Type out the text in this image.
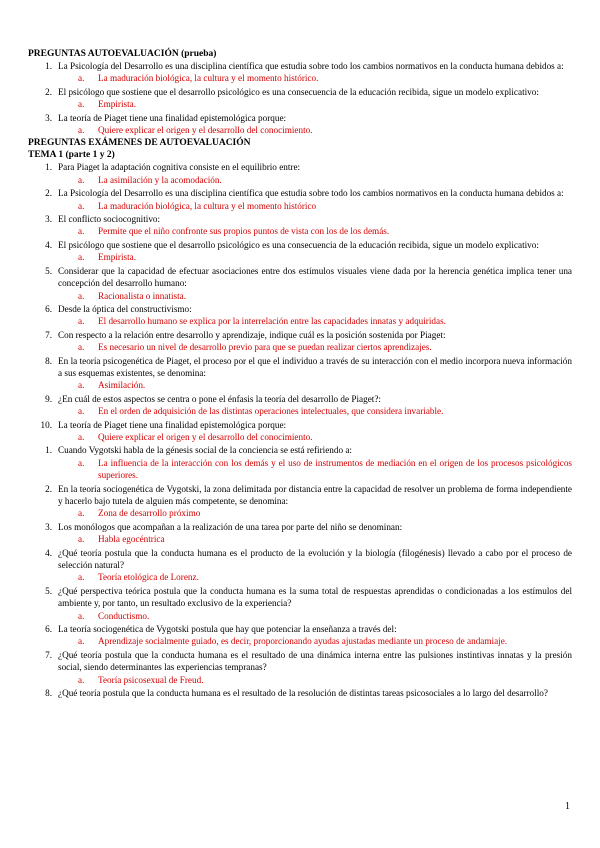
PREGUNTAS AUTOEVALUACIÓN (prueba)

1. La Psicología del Desarrollo es una disciplina científica que estudia sobre todo los cambios normativos en la conducta humana debidos a:
a. La maduración biológica, la cultura y el momento histórico.
2. El psicólogo que sostiene que el desarrollo psicológico es una consecuencia de la educación recibida, sigue un modelo explicativo:
a. Empirista.
3. La teoría de Piaget tiene una finalidad epistemológica porque:
a. Quiere explicar el origen y el desarrollo del conocimiento.

PREGUNTAS EXÁMENES DE AUTOEVALUACIÓN

TEMA 1 (parte 1 y 2)

1. Para Piaget la adaptación cognitiva consiste en el equilibrio entre:
a. La asimilación y la acomodación.
2. La Psicología del Desarrollo es una disciplina científica que estudia sobre todo los cambios normativos en la conducta humana debidos a:
a. La maduración biológica, la cultura y el momento histórico
3. El conflicto sociocognitivo:
a. Permite que el niño confronte sus propios puntos de vista con los de los demás.
4. El psicólogo que sostiene que el desarrollo psicológico es una consecuencia de la educación recibida, sigue un modelo explicativo:
a. Empirista.
5. Considerar que la capacidad de efectuar asociaciones entre dos estímulos visuales viene dada por la herencia genética implica tener una concepción del desarrollo humano:
a. Racionalista o innatista.
6. Desde la óptica del constructivismo:
a. El desarrollo humano se explica por la interrelación entre las capacidades innatas y adquiridas.
7. Con respecto a la relación entre desarrollo y aprendizaje, indique cuál es la posición sostenida por Piaget:
a. Es necesario un nivel de desarrollo previo para que se puedan realizar ciertos aprendizajes.
8. En la teoría psicogenética de Piaget, el proceso por el que el individuo a través de su interacción con el medio incorpora nueva información a sus esquemas existentes, se denomina:
a. Asimilación.
9. ¿En cuál de estos aspectos se centra o pone el énfasis la teoría del desarrollo de Piaget?:
a. En el orden de adquisición de las distintas operaciones intelectuales, que considera invariable.
10. La teoría de Piaget tiene una finalidad epistemológica porque:
a. Quiere explicar el origen y el desarrollo del conocimiento.
1. Cuando Vygotski habla de la génesis social de la conciencia se está refiriendo a:
a. La influencia de la interacción con los demás y el uso de instrumentos de mediación en el origen de los procesos psicológicos superiores.
2. En la teoría sociogenética de Vygotski, la zona delimitada por distancia entre la capacidad de resolver un problema de forma independiente y hacerlo bajo tutela de alguien más competente, se denomina:
a. Zona de desarrollo próximo
3. Los monólogos que acompañan a la realización de una tarea por parte del niño se denominan:
a. Habla egocéntrica
4. ¿Qué teoría postula que la conducta humana es el producto de la evolución y la biología (filogénesis) llevado a cabo por el proceso de selección natural?
a. Teoría etológica de Lorenz.
5. ¿Qué perspectiva teórica postula que la conducta humana es la suma total de respuestas aprendidas o condicionadas a los estímulos del ambiente y, por tanto, un resultado exclusivo de la experiencia?
a. Conductismo.
6. La teoría sociogenética de Vygotski postula que hay que potenciar la enseñanza a través del:
a. Aprendizaje socialmente guiado, es decir, proporcionando ayudas ajustadas mediante un proceso de andamiaje.
7. ¿Qué teoría postula que la conducta humana es el resultado de una dinámica interna entre las pulsiones instintivas innatas y la presión social, siendo determinantes las experiencias tempranas?
a. Teoría psicosexual de Freud.
8. ¿Qué teoría postula que la conducta humana es el resultado de la resolución de distintas tareas psicosociales a lo largo del desarrollo?
1
